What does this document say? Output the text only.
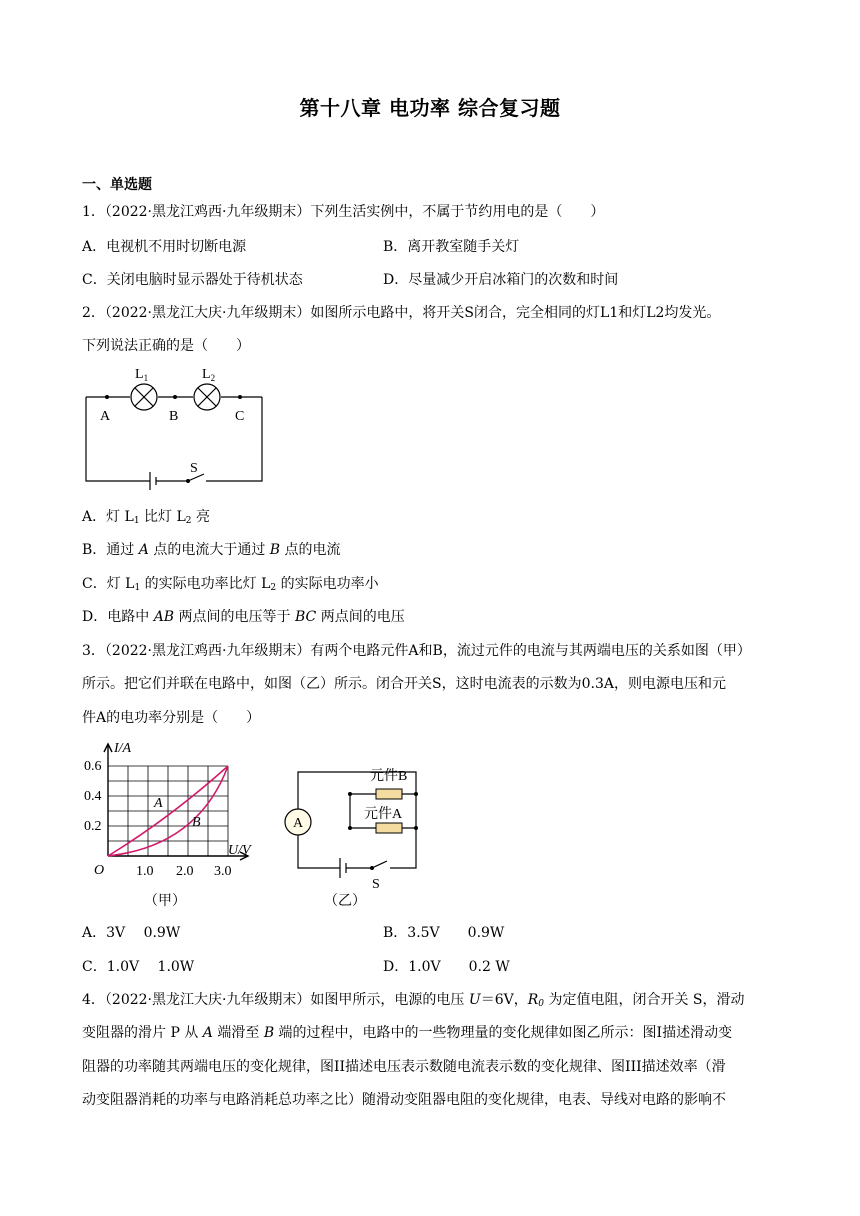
第十八章 电功率 综合复习题
一、单选题
1．（2022·黑龙江鸡西·九年级期末）下列生活实例中，不属于节约用电的是（　　）
A．电视机不用时切断电源	B．离开教室随手关灯
C．关闭电脑时显示器处于待机状态	D．尽量减少开启冰箱门的次数和时间
2．（2022·黑龙江大庆·九年级期末）如图所示电路中，将开关S闭合，完全相同的灯L1和灯L2均发光。
下列说法正确的是（　　）
$L_1$	$L_2$
A	B	C
S
A．灯 $L_1$ 比灯 $L_2$ 亮
B．通过 A 点的电流大于通过 B 点的电流
C．灯 $L_1$ 的实际电功率比灯 $L_2$ 的实际电功率小
D．电路中 AB 两点间的电压等于 BC 两点间的电压
3．（2022·黑龙江鸡西·九年级期末）有两个电路元件A和B，流过元件的电流与其两端电压的关系如图（甲）
所示。把它们并联在电路中，如图（乙）所示。闭合开关S，这时电流表的示数为0.3A，则电源电压和元
件A的电功率分别是（　　）
I/A
U/V
0.6
0.4
0.2
O 1.0 2.0 3.0
A
B
（甲）
A
元件B
元件A
S
（乙）
A．3V　 0.9W	B．3.5V　　0.9W
C．1.0V　 1.0W	D．1.0V　　0.2 W
4．（2022·黑龙江大庆·九年级期末）如图甲所示，电源的电压 U＝6V，$R_0$ 为定值电阻，闭合开关 S，滑动
变阻器的滑片 P 从 A 端滑至 B 端的过程中，电路中的一些物理量的变化规律如图乙所示：图I描述滑动变
阻器的功率随其两端电压的变化规律，图II描述电压表示数随电流表示数的变化规律、图III描述效率（滑
动变阻器消耗的功率与电路消耗总功率之比）随滑动变阻器电阻的变化规律，电表、导线对电路的影响不
